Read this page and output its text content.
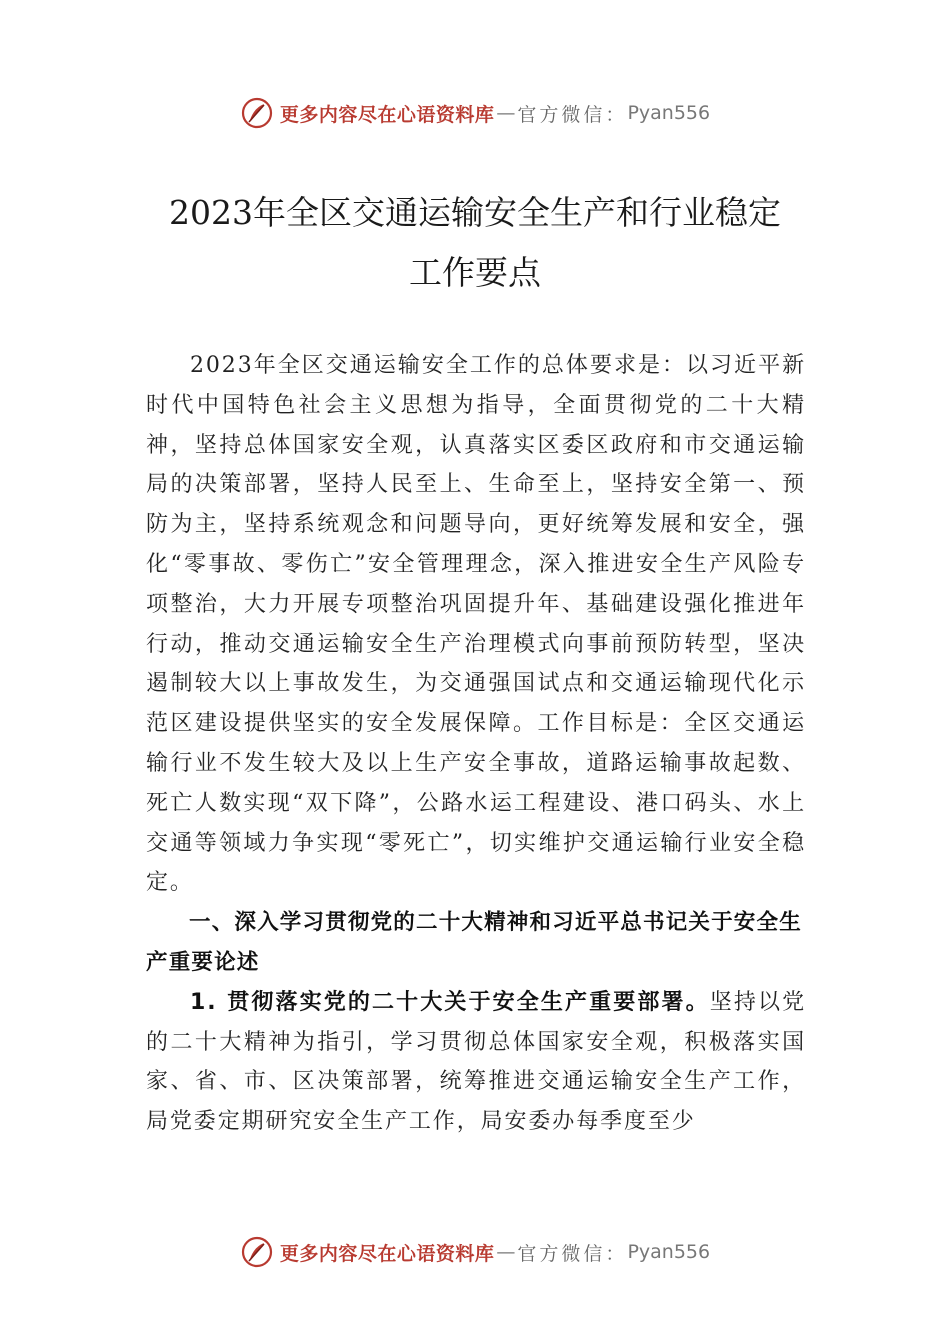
更多内容尽在心语资料库 — 官方微信： Pyan556
2023年全区交通运输安全生产和行业稳定
工作要点

2023年全区交通运输安全工作的总体要求是：以习近平新时代中国特色社会主义思想为指导，全面贯彻党的二十大精神，坚持总体国家安全观，认真落实区委区政府和市交通运输局的决策部署，坚持人民至上、生命至上，坚持安全第一、预防为主，坚持系统观念和问题导向，更好统筹发展和安全，强化“零事故、零伤亡”安全管理理念，深入推进安全生产风险专项整治，大力开展专项整治巩固提升年、基础建设强化推进年行动，推动交通运输安全生产治理模式向事前预防转型，坚决遏制较大以上事故发生，为交通强国试点和交通运输现代化示范区建设提供坚实的安全发展保障。工作目标是：全区交通运输行业不发生较大及以上生产安全事故，道路运输事故起数、死亡人数实现“双下降”，公路水运工程建设、港口码头、水上交通等领域力争实现“零死亡”，切实维护交通运输行业安全稳定。

一、深入学习贯彻党的二十大精神和习近平总书记关于安全生产重要论述

1. 贯彻落实党的二十大关于安全生产重要部署。坚持以党的二十大精神为指引，学习贯彻总体国家安全观，积极落实国家、省、市、区决策部署，统筹推进交通运输安全生产工作，局党委定期研究安全生产工作，局安委办每季度至少

更多内容尽在心语资料库 — 官方微信： Pyan556
